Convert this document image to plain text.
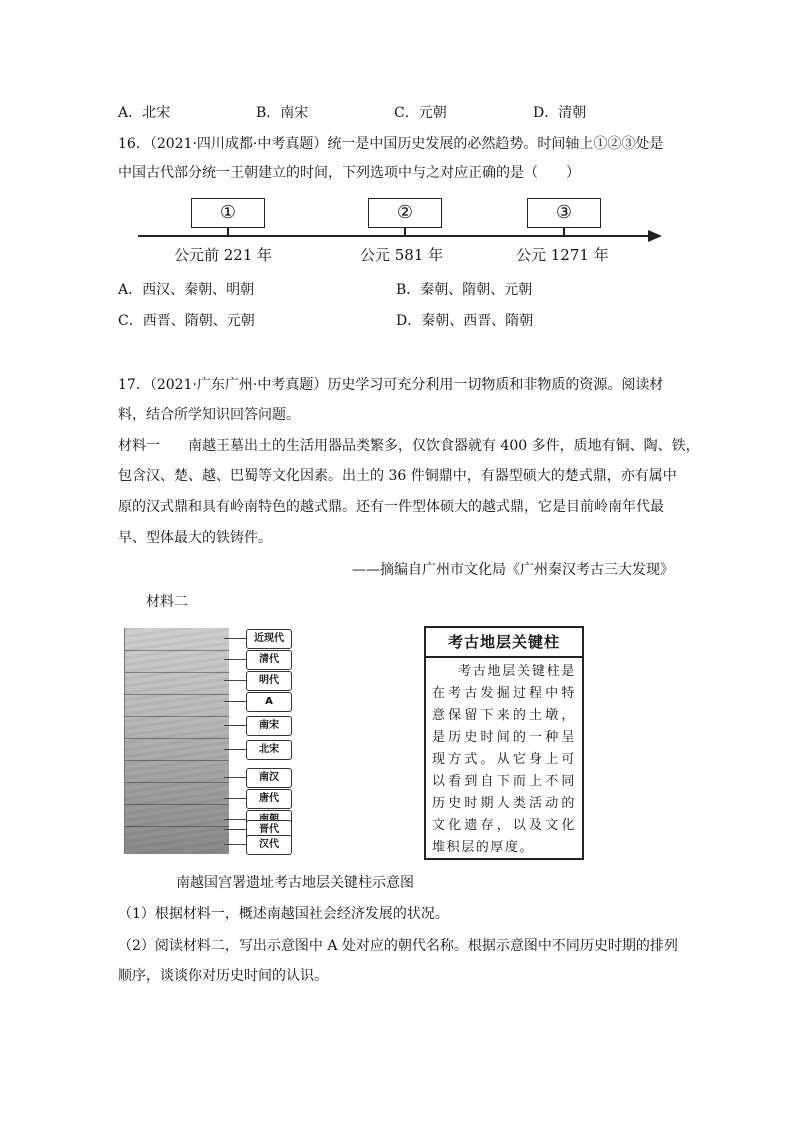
A．北宋	B．南宋	C．元朝	D．清朝
16．（2021·四川成都·中考真题）统一是中国历史发展的必然趋势。时间轴上①②③处是
中国古代部分统一王朝建立的时间，下列选项中与之对应正确的是（　　）
①	②	③
公元前 221 年	公元 581 年	公元 1271 年
A．西汉、秦朝、明朝	B．秦朝、隋朝、元朝
C．西晋、隋朝、元朝	D．秦朝、西晋、隋朝
17．（2021·广东广州·中考真题）历史学习可充分利用一切物质和非物质的资源。阅读材
料，结合所学知识回答问题。
材料一　　南越王墓出土的生活用器品类繁多，仅饮食器就有 400 多件，质地有铜、陶、铁，
包含汉、楚、越、巴蜀等文化因素。出土的 36 件铜鼎中，有器型硕大的楚式鼎，亦有属中
原的汉式鼎和具有岭南特色的越式鼎。还有一件型体硕大的越式鼎，它是目前岭南年代最
早、型体最大的铁铸件。
——摘编自广州市文化局《广州秦汉考古三大发现》
材料二
近现代
清代
明代
A
南宋
北宋
南汉
唐代
晋代
汉代
考古地层关键柱
考古地层关键柱是在考古发掘过程中特意保留下来的土墩，是历史时间的一种呈现方式。从它身上可以看到自下而上不同历史时期人类活动的文化遗存，以及文化堆积层的厚度。
南越国宫署遗址考古地层关键柱示意图
（1）根据材料一，概述南越国社会经济发展的状况。
（2）阅读材料二，写出示意图中 A 处对应的朝代名称。根据示意图中不同历史时期的排列
顺序，谈谈你对历史时间的认识。
